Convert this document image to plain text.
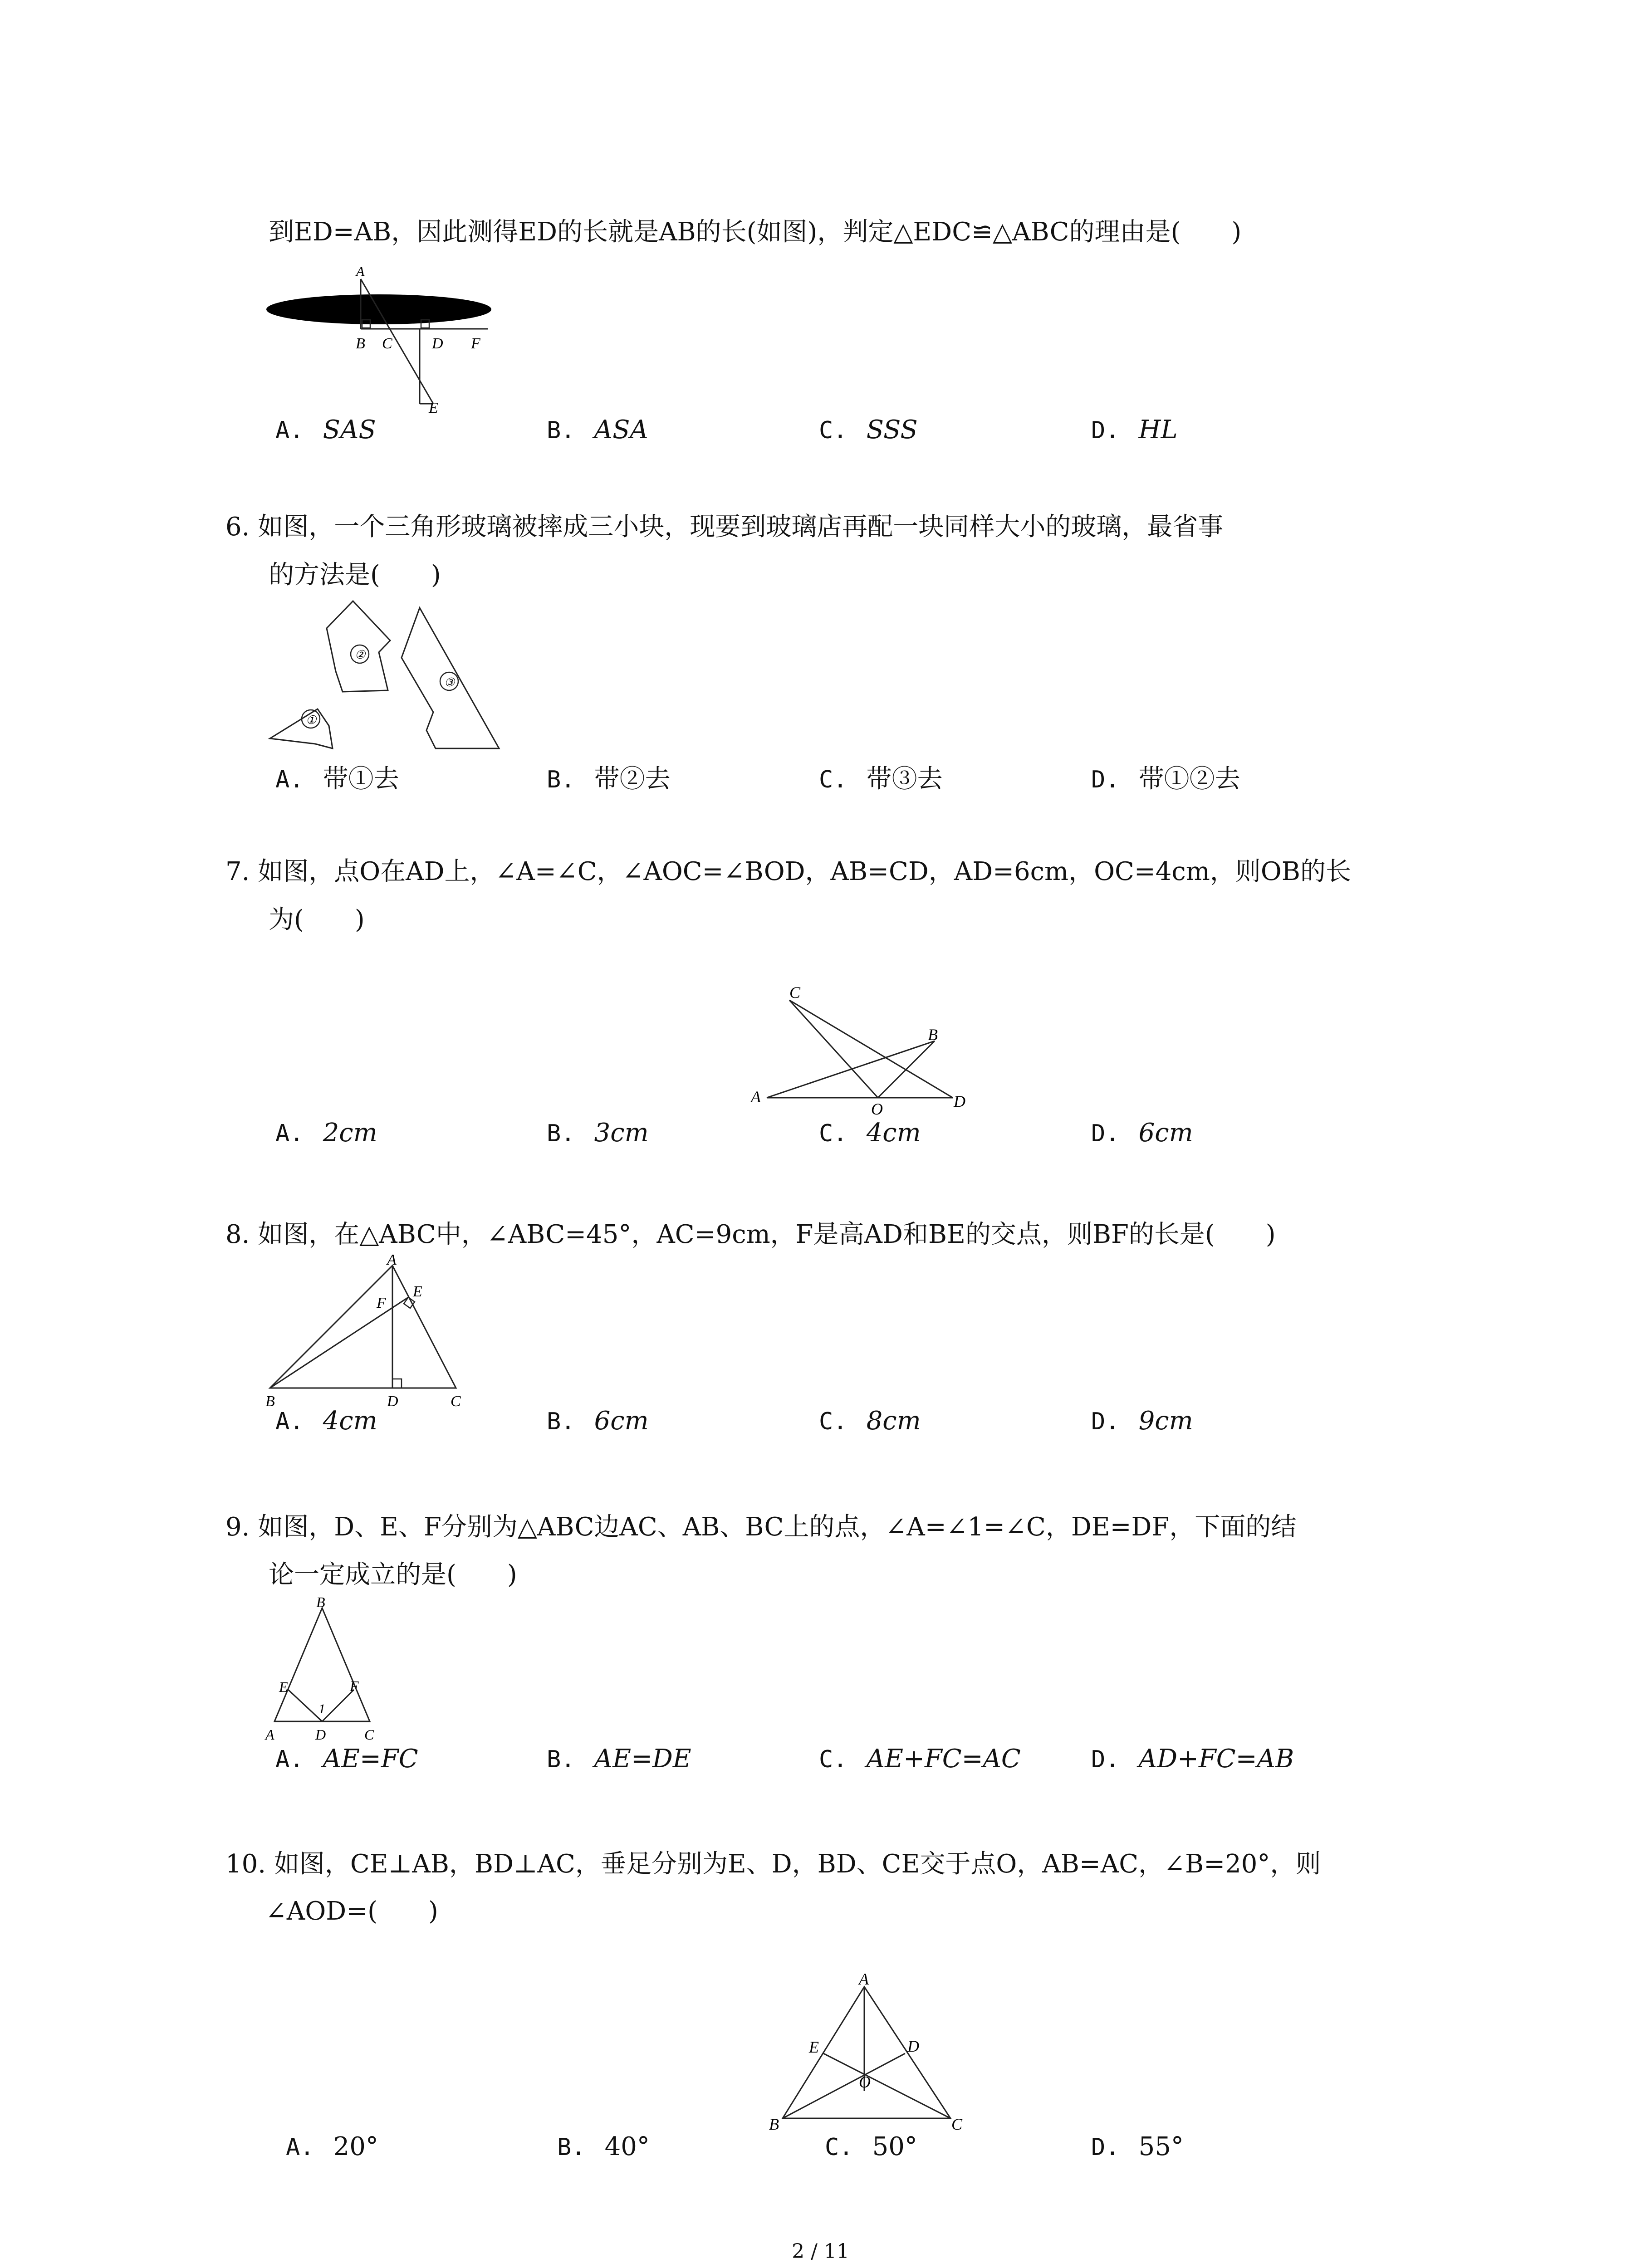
到ED=AB，因此测得ED的长就是AB的长(如图)，判定△EDC≌△ABC的理由是(　　)
A
B C	D F
E
A. SAS	B. ASA	C. SSS	D. HL
6. 如图，一个三角形玻璃被摔成三小块，现要到玻璃店再配一块同样大小的玻璃，最省事
的方法是(　　)
①
②
③
A. 带①去	B. 带②去	C. 带③去	D. 带①②去
7. 如图，点O在AD上，∠A=∠C，∠AOC=∠BOD，AB=CD，AD=6cm，OC=4cm，则OB的长
为(　　)
C
B
A
O	D
A. 2cm	B. 3cm	C. 4cm	D. 6cm
8. 如图，在△ABC中，∠ABC=45°，AC=9cm，F是高AD和BE的交点，则BF的长是(　　)
A
E
F
B	D	C
A. 4cm	B. 6cm	C. 8cm	D. 9cm
9. 如图，D、E、F分别为△ABC边AC、AB、BC上的点，∠A=∠1=∠C，DE=DF，下面的结
论一定成立的是(　　)
B
E	F
1
A	D	C
A. AE=FC	B. AE=DE	C. AE+FC=AC	D. AD+FC=AB
10. 如图，CE⊥AB，BD⊥AC，垂足分别为E、D，BD、CE交于点O，AB=AC，∠B=20°，则
∠AOD=(　　)
A
E	D
O
B	C
A. 20°	B. 40°	C. 50°	D. 55°
2 / 11
